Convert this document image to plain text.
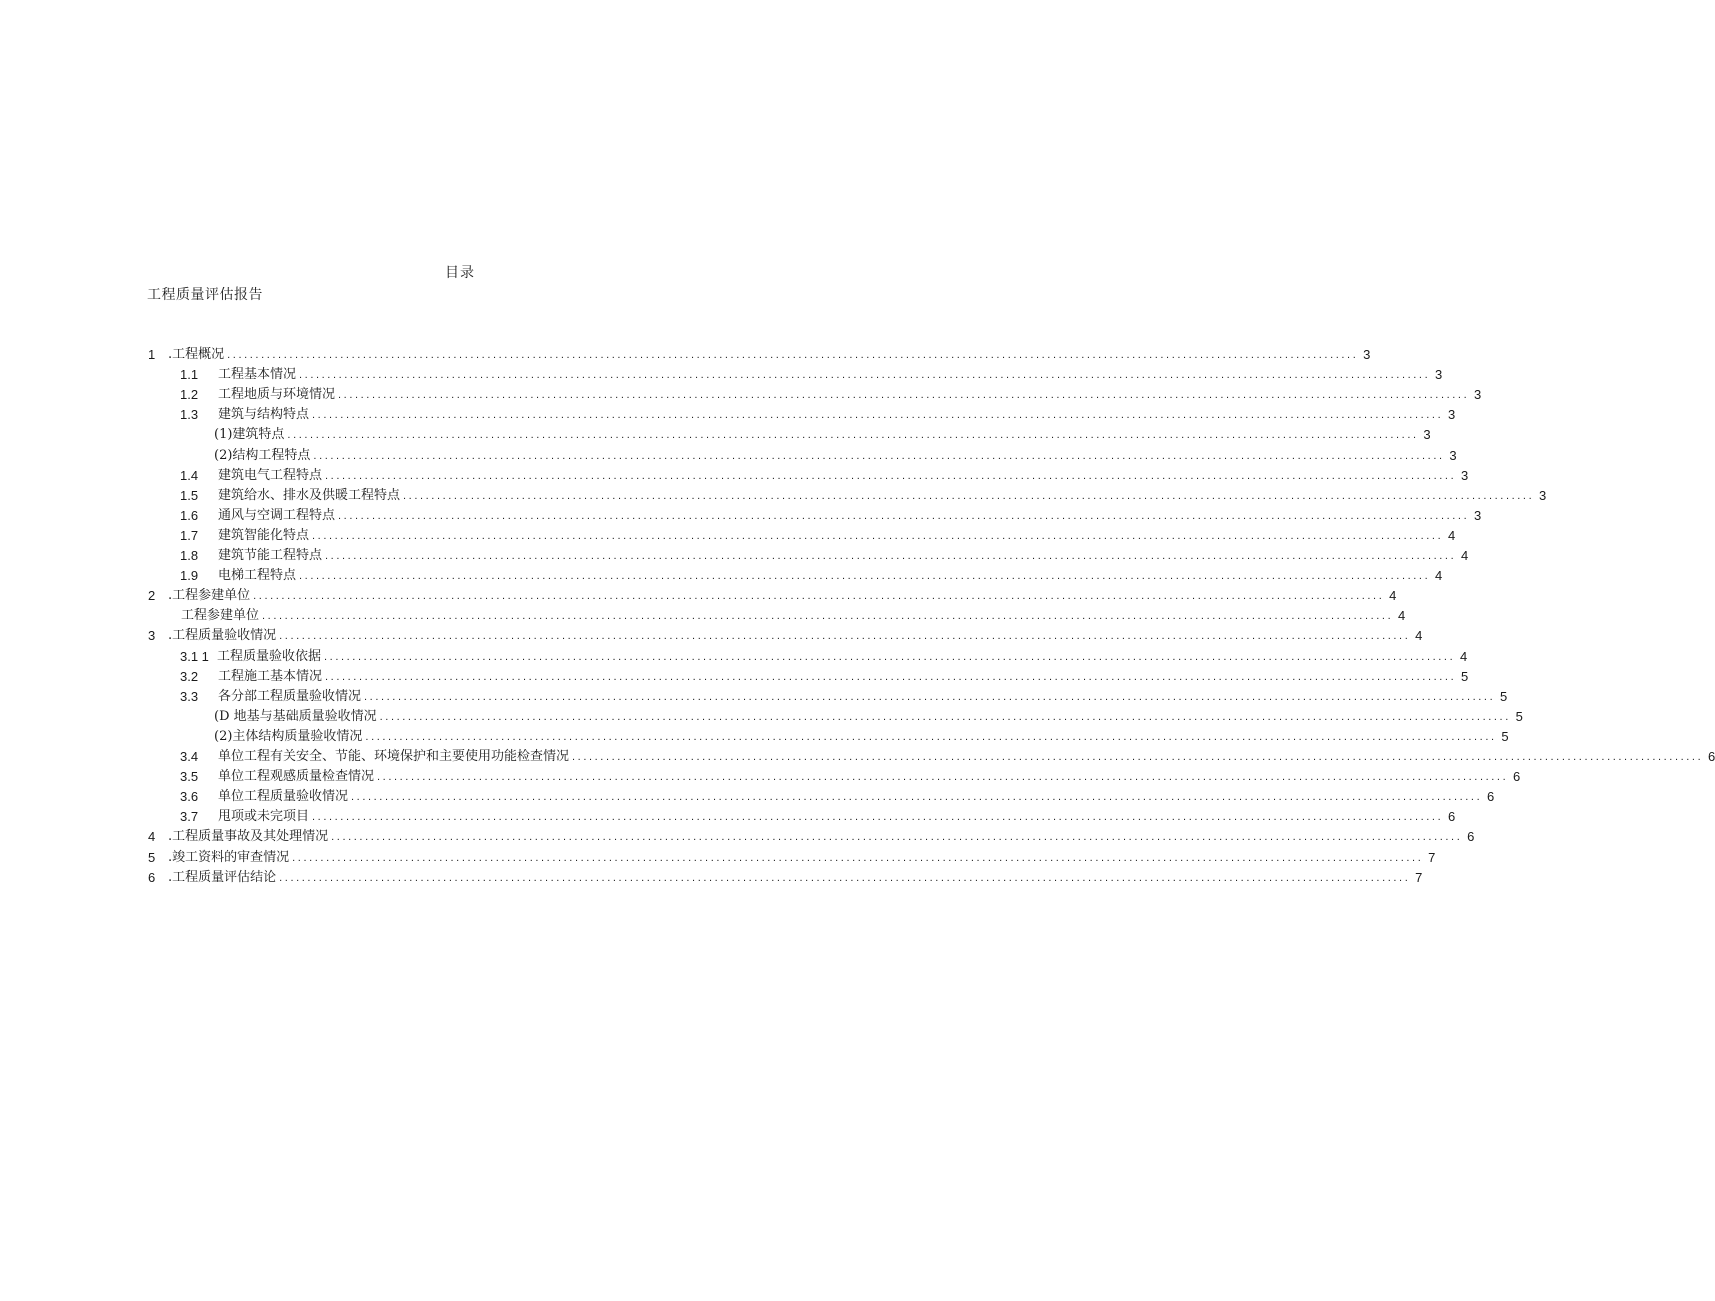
目录
工程质量评估报告
1 .工程概况 ........................................................................................................................................................................................................ 3
1.1	工程基本情况 ........................................................................................................................................................................................................ 3
1.2	工程地质与环境情况 ........................................................................................................................................................................................................ 3
1.3	建筑与结构特点 ........................................................................................................................................................................................................ 3
(1)建筑特点 ........................................................................................................................................................................................................ 3
(2)结构工程特点 ........................................................................................................................................................................................................ 3
1.4	建筑电气工程特点 ........................................................................................................................................................................................................ 3
1.5	建筑给水、排水及供暖工程特点 ........................................................................................................................................................................................................ 3
1.6	通风与空调工程特点 ........................................................................................................................................................................................................ 3
1.7	建筑智能化特点 ........................................................................................................................................................................................................ 4
1.8	建筑节能工程特点 ........................................................................................................................................................................................................ 4
1.9	电梯工程特点 ........................................................................................................................................................................................................ 4
2 .工程参建单位 ........................................................................................................................................................................................................ 4
工程参建单位 ........................................................................................................................................................................................................ 4
3 .工程质量验收情况 ........................................................................................................................................................................................................ 4
3.1 1 工程质量验收依据 ........................................................................................................................................................................................................ 4
3.2	工程施工基本情况 ........................................................................................................................................................................................................ 5
3.3	各分部工程质量验收情况 ........................................................................................................................................................................................................ 5
(D 地基与基础质量验收情况 ........................................................................................................................................................................................................ 5
(2)主体结构质量验收情况 ........................................................................................................................................................................................................ 5
3.4	单位工程有关安全、节能、环境保护和主要使用功能检查情况 ........................................................................................................................................................................................................ 6
3.5	单位工程观感质量检查情况 ........................................................................................................................................................................................................ 6
3.6	单位工程质量验收情况 ........................................................................................................................................................................................................ 6
3.7	甩项或未完项目 ........................................................................................................................................................................................................ 6
4 .工程质量事故及其处理情况 ........................................................................................................................................................................................................ 6
5 .竣工资料的审查情况 ........................................................................................................................................................................................................ 7
6 .工程质量评估结论 ........................................................................................................................................................................................................ 7
